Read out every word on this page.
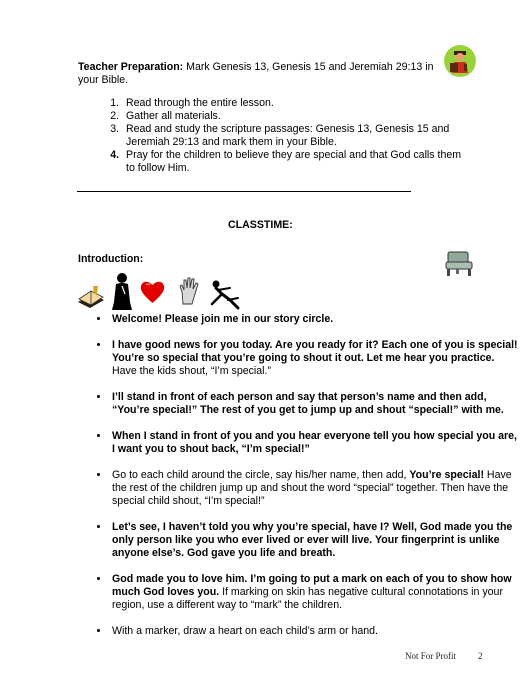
Teacher Preparation: Mark Genesis 13, Genesis 15 and Jeremiah 29:13 in your Bible.
1. Read through the entire lesson.
2. Gather all materials.
3. Read and study the scripture passages: Genesis 13, Genesis 15 and Jeremiah 29:13 and mark them in your Bible.
4. Pray for the children to believe they are special and that God calls them to follow Him.
CLASSTIME:
Introduction:
• Welcome! Please join me in our story circle.
• I have good news for you today. Are you ready for it? Each one of you is special! You’re so special that you’re going to shout it out. Let me hear you practice. Have the kids shout, “I’m special.”
• I’ll stand in front of each person and say that person’s name and then add, “You’re special!” The rest of you get to jump up and shout “special!” with me.
• When I stand in front of you and you hear everyone tell you how special you are, I want you to shout back, “I’m special!”
• Go to each child around the circle, say his/her name, then add, You’re special! Have the rest of the children jump up and shout the word “special” together. Then have the special child shout, “I’m special!”
• Let’s see, I haven’t told you why you’re special, have I? Well, God made you the only person like you who ever lived or ever will live. Your fingerprint is unlike anyone else’s. God gave you life and breath.
• God made you to love him. I’m going to put a mark on each of you to show how much God loves you. If marking on skin has negative cultural connotations in your region, use a different way to “mark” the children.
• With a marker, draw a heart on each child’s arm or hand.
Not For Profit 2
